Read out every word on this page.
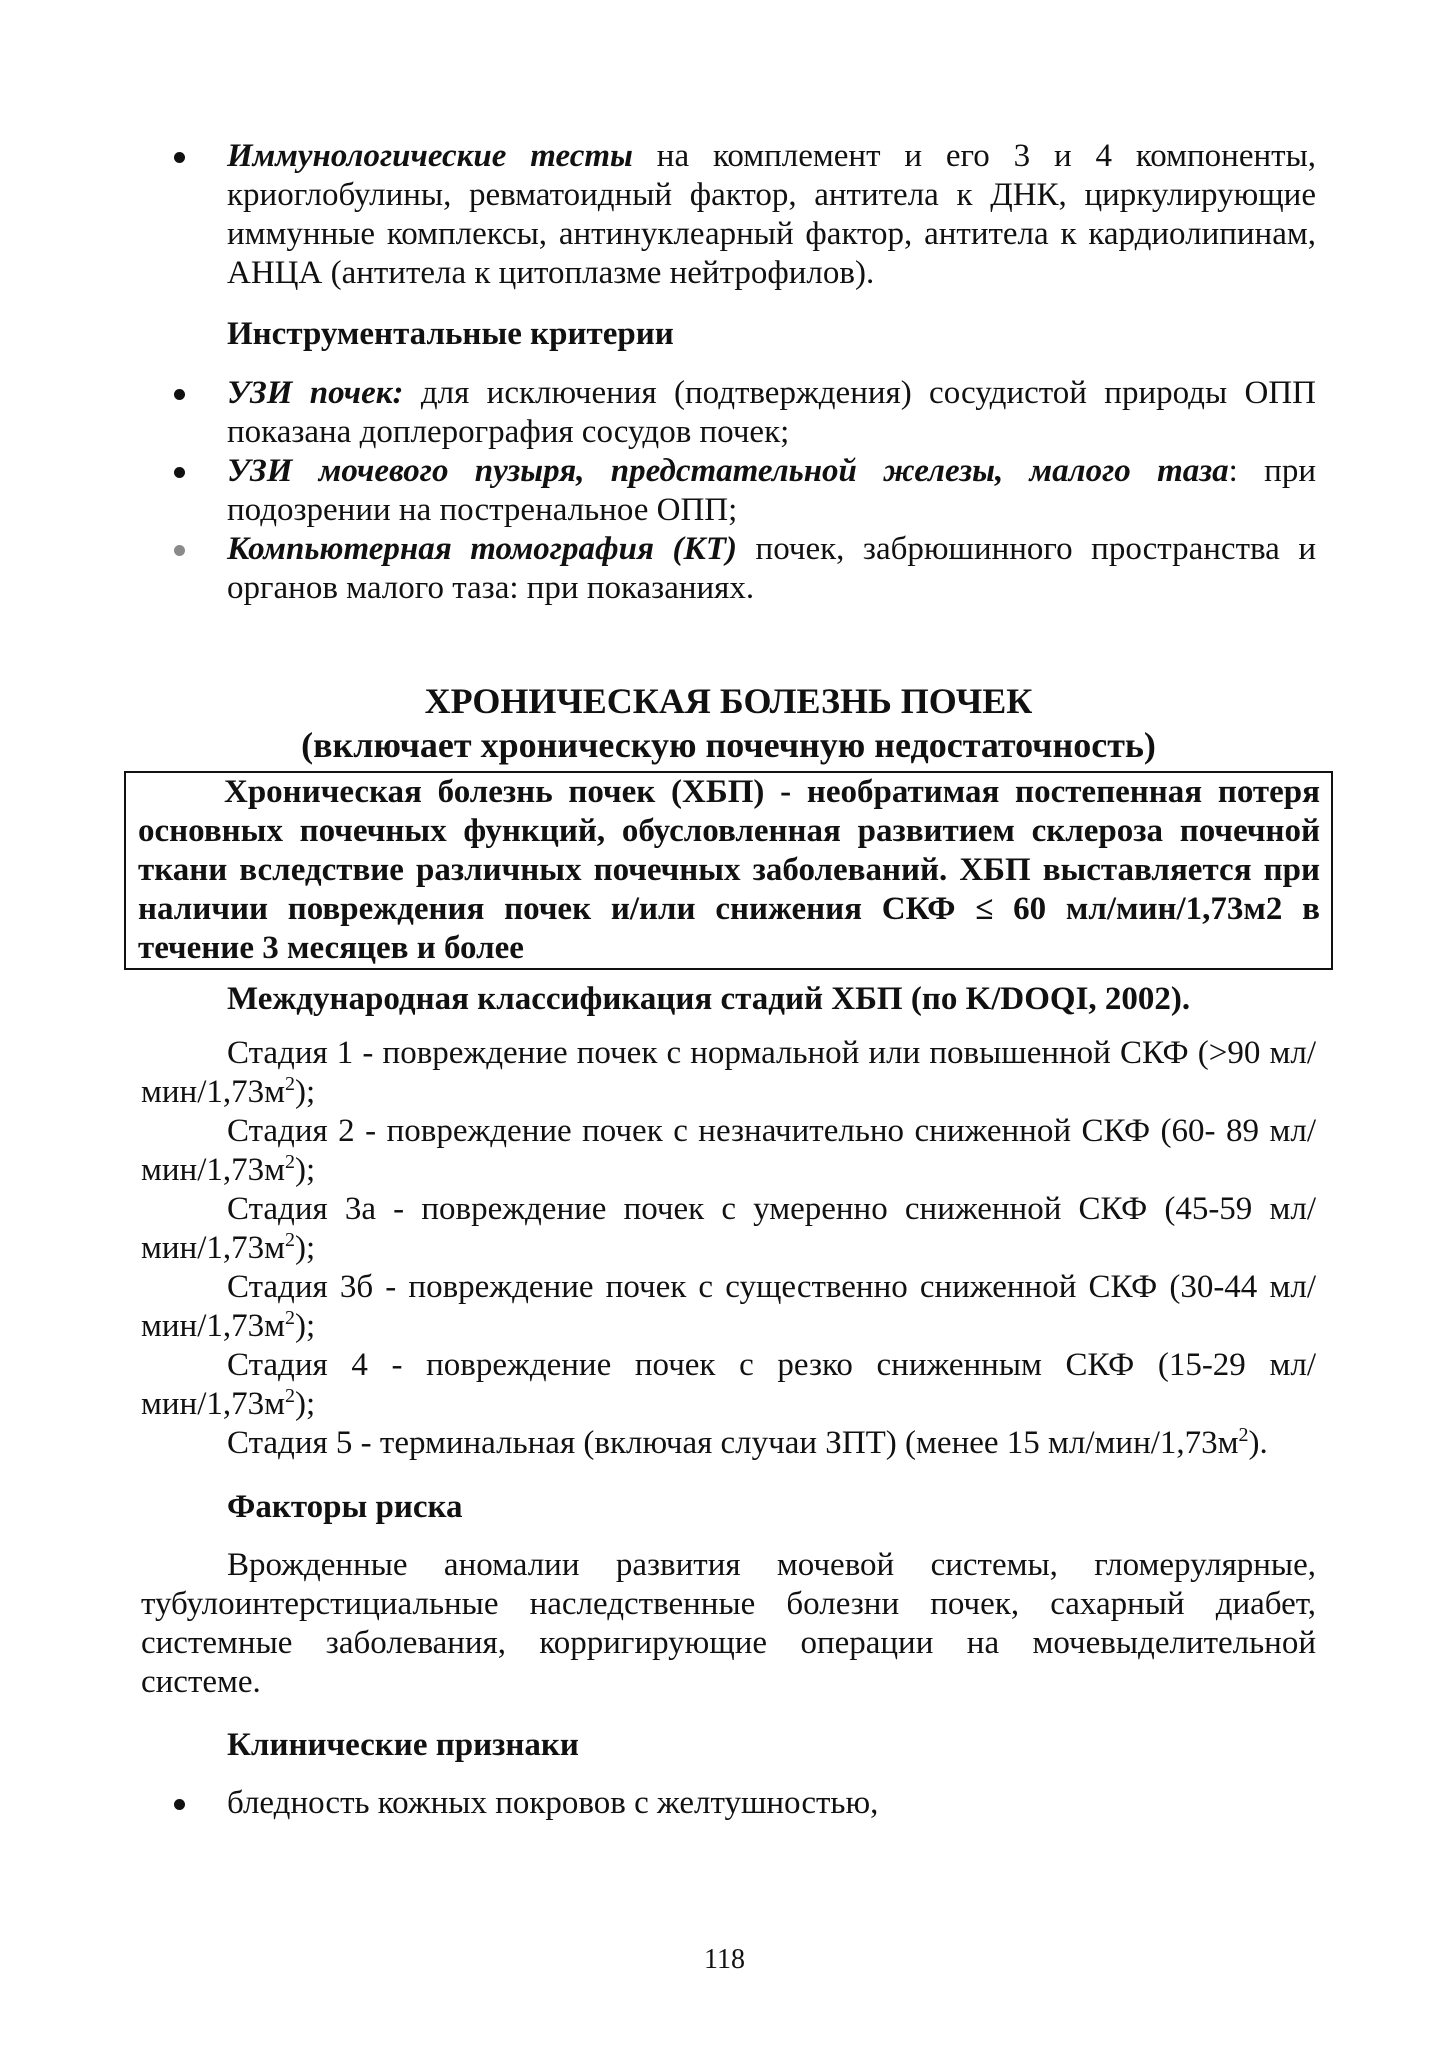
Иммунологические тесты на комплемент и его 3 и 4 компоненты, криоглобулины, ревматоидный фактор, антитела к ДНК, циркулирующие иммунные комплексы, антинуклеарный фактор, антитела к кардиолипинам, АНЦА (антитела к цитоплазме нейтрофилов).
Инструментальные критерии
УЗИ почек: для исключения (подтверждения) сосудистой природы ОПП показана доплерография сосудов почек;
УЗИ мочевого пузыря, предстательной железы, малого таза: при подозрении на постренальное ОПП;
Компьютерная томография (КТ) почек, забрюшинного пространства и органов малого таза: при показаниях.
ХРОНИЧЕСКАЯ БОЛЕЗНЬ ПОЧЕК
(включает хроническую почечную недостаточность)
Хроническая болезнь почек (ХБП) - необратимая постепенная потеря основных почечных функций, обусловленная развитием склероза почечной ткани вследствие различных почечных заболеваний. ХБП выставляется при наличии повреждения почек и/или снижения СКФ ≤ 60 мл/мин/1,73м2 в течение 3 месяцев и более
Международная классификация стадий ХБП (по K/DOQI, 2002).
Стадия 1 - повреждение почек с нормальной или повышенной СКФ (>90 $мл/мин/1,73м^2$);
Стадия 2 - повреждение почек с незначительно сниженной СКФ (60- 89 $мл/мин/1,73м^2$);
Стадия 3а - повреждение почек с умеренно сниженной СКФ (45-59 $мл/мин/1,73м^2$);
Стадия 3б - повреждение почек с существенно сниженной СКФ (30-44 $мл/мин/1,73м^2$);
Стадия 4 - повреждение почек с резко сниженным СКФ (15-29 $мл/мин/1,73м^2$);
Стадия 5 - терминальная (включая случаи ЗПТ) (менее 15 $мл/мин/1,73м^2$).
Факторы риска
Врожденные аномалии развития мочевой системы, гломерулярные, тубулоинтерстициальные наследственные болезни почек, сахарный диабет, системные заболевания, корригирующие операции на мочевыделительной системе.
Клинические признаки
бледность кожных покровов с желтушностью,
118
